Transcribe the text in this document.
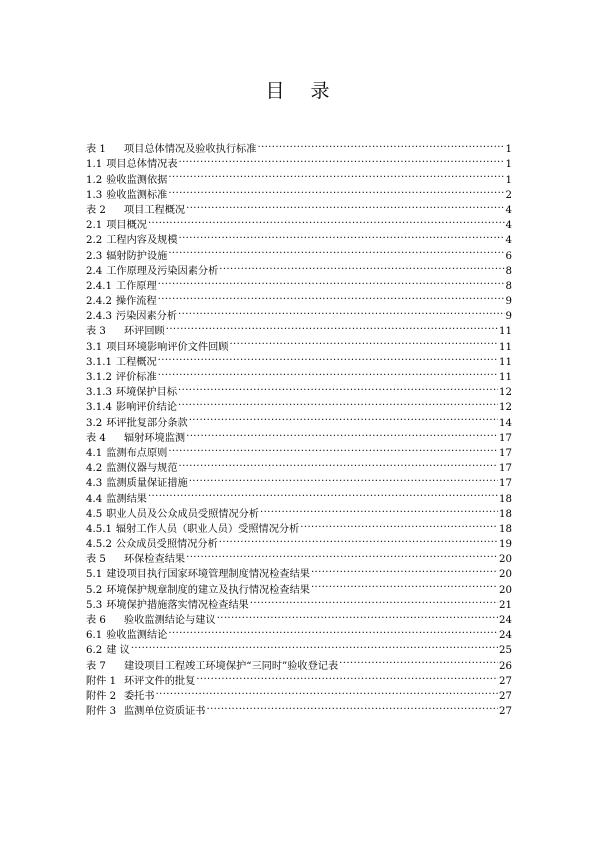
目 录
表 1 项目总体情况及验收执行标准 .....	1
1.1 项目总体情况表 .....	1
1.2 验收监测依据 .....	1
1.3 验收监测标准 .....	2
表 2 项目工程概况 .....	4
2.1 项目概况 .....	4
2.2 工程内容及规模 .....	4
2.3 辐射防护设施 .....	6
2.4 工作原理及污染因素分析 .....	8
2.4.1 工作原理 .....	8
2.4.2 操作流程 .....	9
2.4.3 污染因素分析 .....	9
表 3 环评回顾 .....	11
3.1 项目环境影响评价文件回顾 .....	11
3.1.1 工程概况 .....	11
3.1.2 评价标准 .....	11
3.1.3 环境保护目标 .....	12
3.1.4 影响评价结论 .....	12
3.2 环评批复部分条款 .....	14
表 4 辐射环境监测 .....	17
4.1 监测布点原则 .....	17
4.2 监测仪器与规范 .....	17
4.3 监测质量保证措施 .....	17
4.4 监测结果 .....	18
4.5 职业人员及公众成员受照情况分析 .....	18
4.5.1 辐射工作人员（职业人员）受照情况分析 .....	18
4.5.2 公众成员受照情况分析 .....	19
表 5 环保检查结果 .....	20
5.1 建设项目执行国家环境管理制度情况检查结果 .....	20
5.2 环境保护规章制度的建立及执行情况检查结果 .....	20
5.3 环境保护措施落实情况检查结果 .....	21
表 6 验收监测结论与建议 .....	24
6.1 验收监测结论 .....	24
6.2 建 议 .....	25
表 7 建设项目工程竣工环境保护“三同时”验收登记表 .....	26
附件 1 环评文件的批复 .....	27
附件 2 委托书 .....	27
附件 3 监测单位资质证书 .....	27
